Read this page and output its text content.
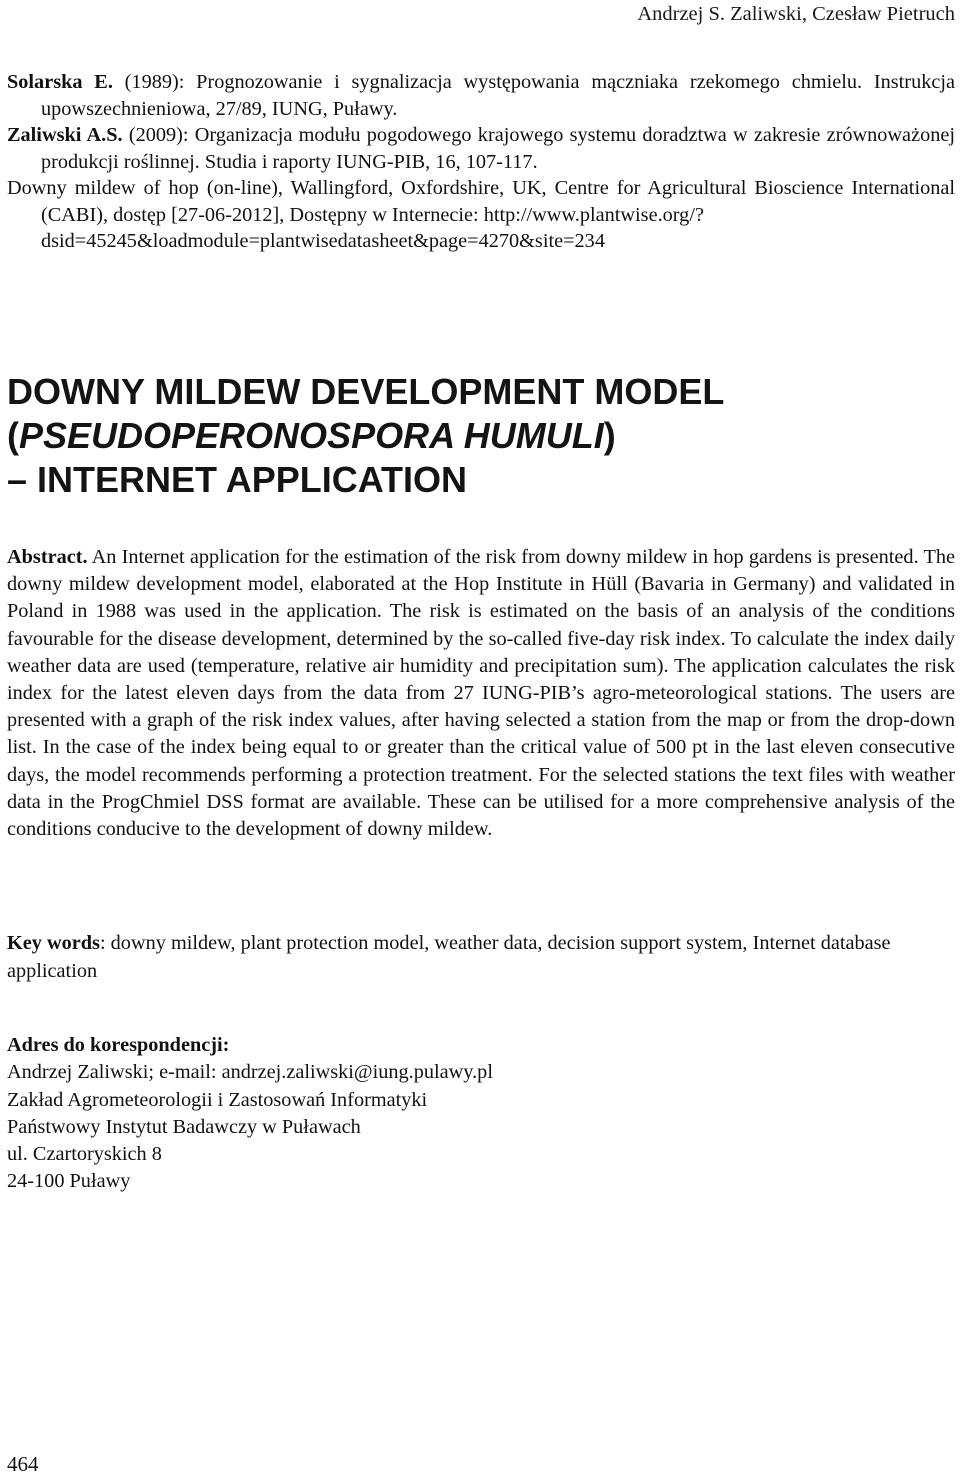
Andrzej S. Zaliwski, Czesław Pietruch

Solarska E. (1989): Prognozowanie i sygnalizacja występowania mączniaka rzekomego chmielu. Instrukcja upowszechnieniowa, 27/89, IUNG, Puławy.

Zaliwski A.S. (2009): Organizacja modułu pogodowego krajowego systemu doradztwa w zakresie zrównoważonej produkcji roślinnej. Studia i raporty IUNG-PIB, 16, 107-117.

Downy mildew of hop (on-line), Wallingford, Oxfordshire, UK, Centre for Agricultural Bioscience International (CABI), dostęp [27-06-2012], Dostępny w Internecie: http://www.plantwise.org/?
dsid=45245&loadmodule=plantwisedatasheet&page=4270&site=234

DOWNY MILDEW DEVELOPMENT MODEL
(PSEUDOPERONOSPORA HUMULI)
– INTERNET APPLICATION

Abstract. An Internet application for the estimation of the risk from downy mildew in hop gardens is presented. The downy mildew development model, elaborated at the Hop Institute in Hüll (Bavaria in Germany) and validated in Poland in 1988 was used in the application. The risk is estimated on the basis of an analysis of the conditions favourable for the disease development, determined by the so-called five-day risk index. To calculate the index daily weather data are used (temperature, relative air humidity and precipitation sum). The application calculates the risk index for the latest eleven days from the data from 27 IUNG-PIB’s agro-meteorological stations. The users are presented with a graph of the risk index values, after having selected a station from the map or from the drop-down list. In the case of the index being equal to or greater than the critical value of 500 pt in the last eleven consecutive days, the model recommends performing a protection treatment. For the selected stations the text files with weather data in the ProgChmiel DSS format are available. These can be utilised for a more comprehensive analysis of the conditions conducive to the development of downy mildew.

Key words: downy mildew, plant protection model, weather data, decision support system, Internet database application

Adres do korespondencji:
Andrzej Zaliwski; e-mail: andrzej.zaliwski@iung.pulawy.pl
Zakład Agrometeorologii i Zastosowań Informatyki
Państwowy Instytut Badawczy w Puławach
ul. Czartoryskich 8
24-100 Puławy
464
